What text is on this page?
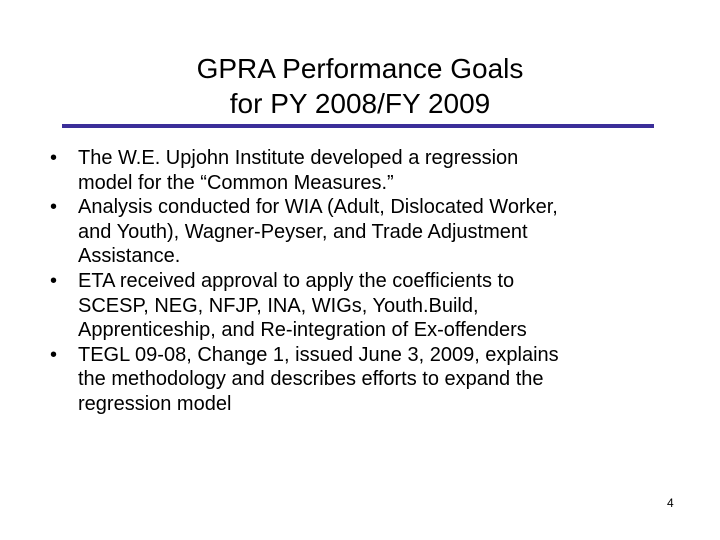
GPRA Performance Goals
for PY 2008/FY 2009
• The W.E. Upjohn Institute developed a regression
model for the “Common Measures.”
• Analysis conducted for WIA (Adult, Dislocated Worker,
and Youth), Wagner-Peyser, and Trade Adjustment
Assistance.
• ETA received approval to apply the coefficients to
SCESP, NEG, NFJP, INA, WIGs, Youth.Build,
Apprenticeship, and Re-integration of Ex-offenders
• TEGL 09-08, Change 1, issued June 3, 2009, explains
the methodology and describes efforts to expand the
regression model
4
